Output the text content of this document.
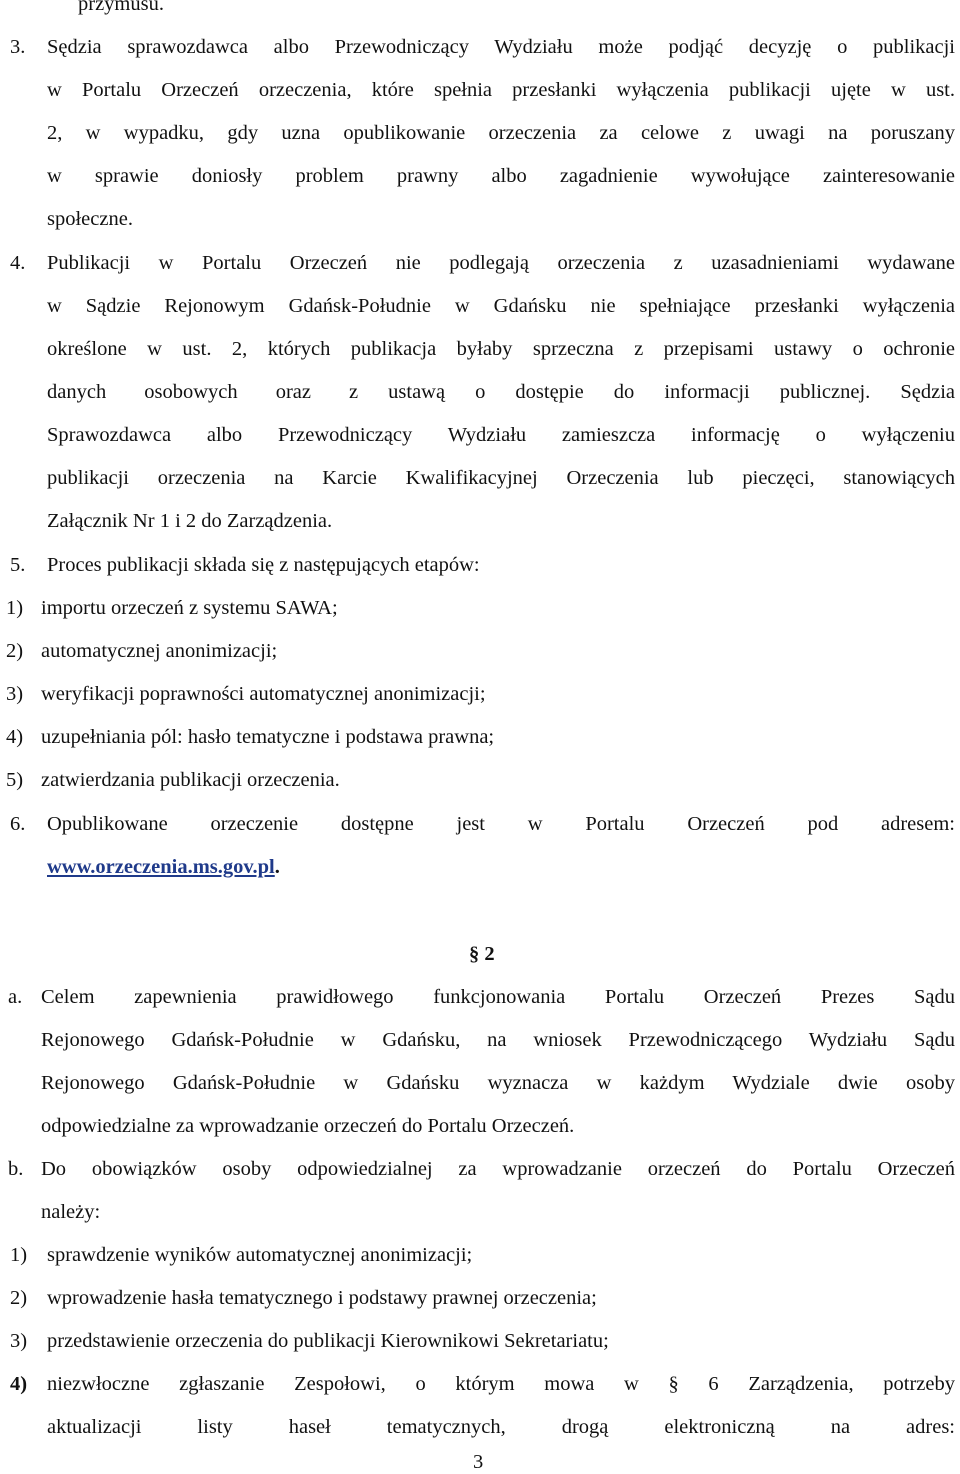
przymusu.
3. Sędzia sprawozdawca albo Przewodniczący Wydziału może podjąć decyzję o publikacji
w Portalu Orzeczeń orzeczenia, które spełnia przesłanki wyłączenia publikacji ujęte w ust.
2, w wypadku, gdy uzna opublikowanie orzeczenia za celowe z uwagi na poruszany
w sprawie doniosły problem prawny albo zagadnienie wywołujące zainteresowanie
społeczne.
4. Publikacji w Portalu Orzeczeń nie podlegają orzeczenia z uzasadnieniami wydawane
w Sądzie Rejonowym Gdańsk-Południe w Gdańsku nie spełniające przesłanki wyłączenia
określone w ust. 2, których publikacja byłaby sprzeczna z przepisami ustawy o ochronie
danych osobowych oraz z ustawą o dostępie do informacji publicznej. Sędzia
Sprawozdawca albo Przewodniczący Wydziału zamieszcza informację o wyłączeniu
publikacji orzeczenia na Karcie Kwalifikacyjnej Orzeczenia lub pieczęci, stanowiących
Załącznik Nr 1 i 2 do Zarządzenia.
5. Proces publikacji składa się z następujących etapów:
1) importu orzeczeń z systemu SAWA;
2) automatycznej anonimizacji;
3) weryfikacji poprawności automatycznej anonimizacji;
4) uzupełniania pól: hasło tematyczne i podstawa prawna;
5) zatwierdzania publikacji orzeczenia.
6. Opublikowane orzeczenie dostępne jest w Portalu Orzeczeń pod adresem:
www.orzeczenia.ms.gov.pl.
§ 2
a. Celem zapewnienia prawidłowego funkcjonowania Portalu Orzeczeń Prezes Sądu
Rejonowego Gdańsk-Południe w Gdańsku, na wniosek Przewodniczącego Wydziału Sądu
Rejonowego Gdańsk-Południe w Gdańsku wyznacza w każdym Wydziale dwie osoby
odpowiedzialne za wprowadzanie orzeczeń do Portalu Orzeczeń.
b. Do obowiązków osoby odpowiedzialnej za wprowadzanie orzeczeń do Portalu Orzeczeń
należy:
1) sprawdzenie wyników automatycznej anonimizacji;
2) wprowadzenie hasła tematycznego i podstawy prawnej orzeczenia;
3) przedstawienie orzeczenia do publikacji Kierownikowi Sekretariatu;
4) niezwłoczne zgłaszanie Zespołowi, o którym mowa w § 6 Zarządzenia, potrzeby
aktualizacji listy haseł tematycznych, drogą elektroniczną na adres:
3
